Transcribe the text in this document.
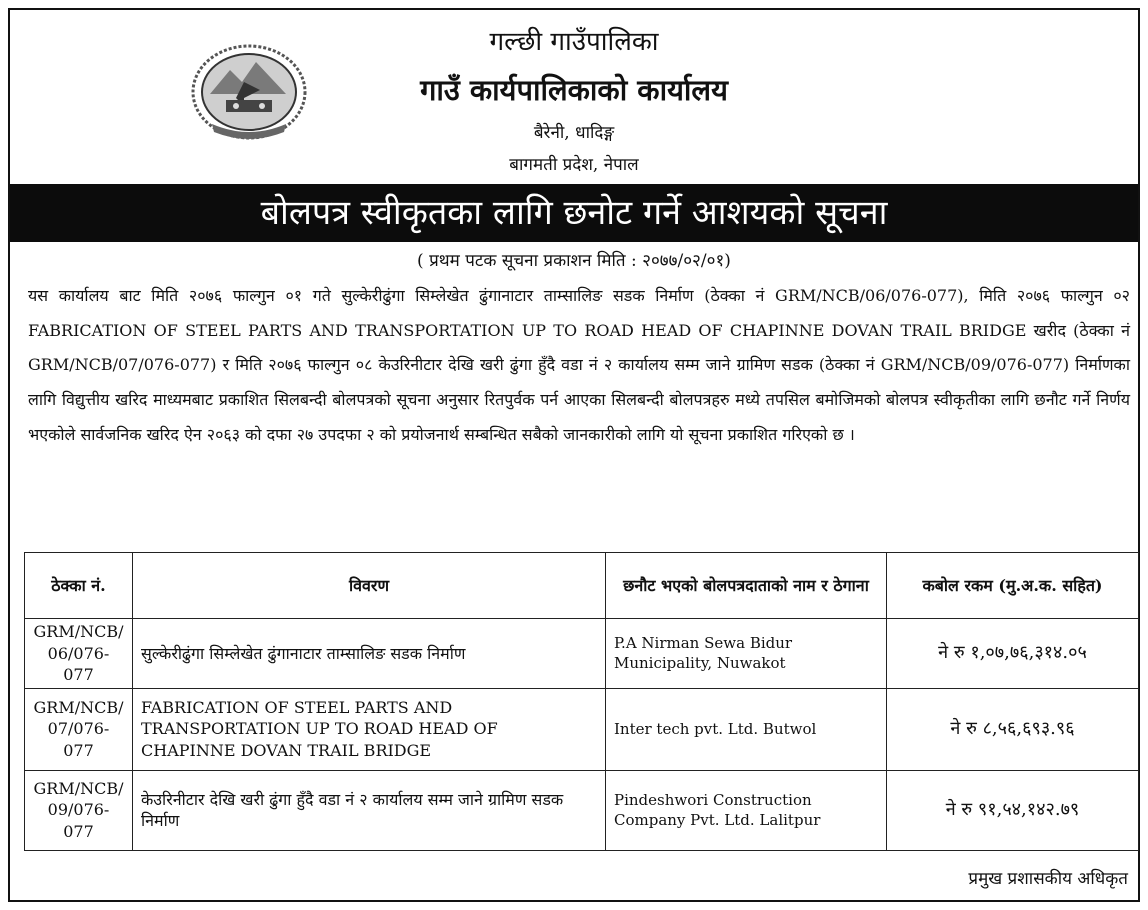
गल्छी गाउँपालिका
गाउँ कार्यपालिकाको कार्यालय
बैरेनी, धादिङ्ग
बागमती प्रदेश, नेपाल
बोलपत्र स्वीकृतका लागि छनोट गर्ने आशयको सूचना
( प्रथम पटक सूचना प्रकाशन मिति : २०७७/०२/०१)
यस कार्यालय बाट मिति २०७६ फाल्गुन ०१ गते सुल्केरीढुंगा सिम्लेखेत ढुंगानाटार ताम्सालिङ सडक निर्माण (ठेक्का नं GRM/NCB/06/076-077), मिति २०७६ फाल्गुन ०२ FABRICATION OF STEEL PARTS AND TRANSPORTATION UP TO ROAD HEAD OF CHAPINNE DOVAN TRAIL BRIDGE खरीद (ठेक्का नं GRM/NCB/07/076-077) र मिति २०७६ फाल्गुन ०८ केउरिनीटार देखि खरी ढुंगा हुँदै वडा नं २ कार्यालय सम्म जाने ग्रामिण सडक (ठेक्का नं GRM/NCB/09/076-077) निर्माणका लागि विद्युत्तीय खरिद माध्यमबाट प्रकाशित सिलबन्दी बोलपत्रको सूचना अनुसार रितपुर्वक पर्न आएका सिलबन्दी बोलपत्रहरु मध्ये तपसिल बमोजिमको बोलपत्र स्वीकृतीका लागि छनौट गर्ने निर्णय भएकोले सार्वजनिक खरिद ऐन २०६३ को दफा २७ उपदफा २ को प्रयोजनार्थ सम्बन्धित सबैको जानकारीको लागि यो सूचना प्रकाशित गरिएको छ ।
ठेक्का नं.	विवरण	छनौट भएको बोलपत्रदाताको नाम र ठेगाना	कबोल रकम (मु.अ.क. सहित)
GRM/NCB/ 06/076-077	सुल्केरीढुंगा सिम्लेखेत ढुंगानाटार ताम्सालिङ सडक निर्माण	P.A Nirman Sewa Bidur Municipality, Nuwakot	ने रु १,०७,७६,३१४.०५
GRM/NCB/ 07/076-077	FABRICATION OF STEEL PARTS AND TRANSPORTATION UP TO ROAD HEAD OF CHAPINNE DOVAN TRAIL BRIDGE	Inter tech pvt. Ltd. Butwol	ने रु ८,५६,६९३.९६
GRM/NCB/ 09/076-077	केउरिनीटार देखि खरी ढुंगा हुँदै वडा नं २ कार्यालय सम्म जाने ग्रामिण सडक निर्माण	Pindeshwori Construction Company Pvt. Ltd. Lalitpur	ने रु ९१,५४,१४२.७९
प्रमुख प्रशासकीय अधिकृत
